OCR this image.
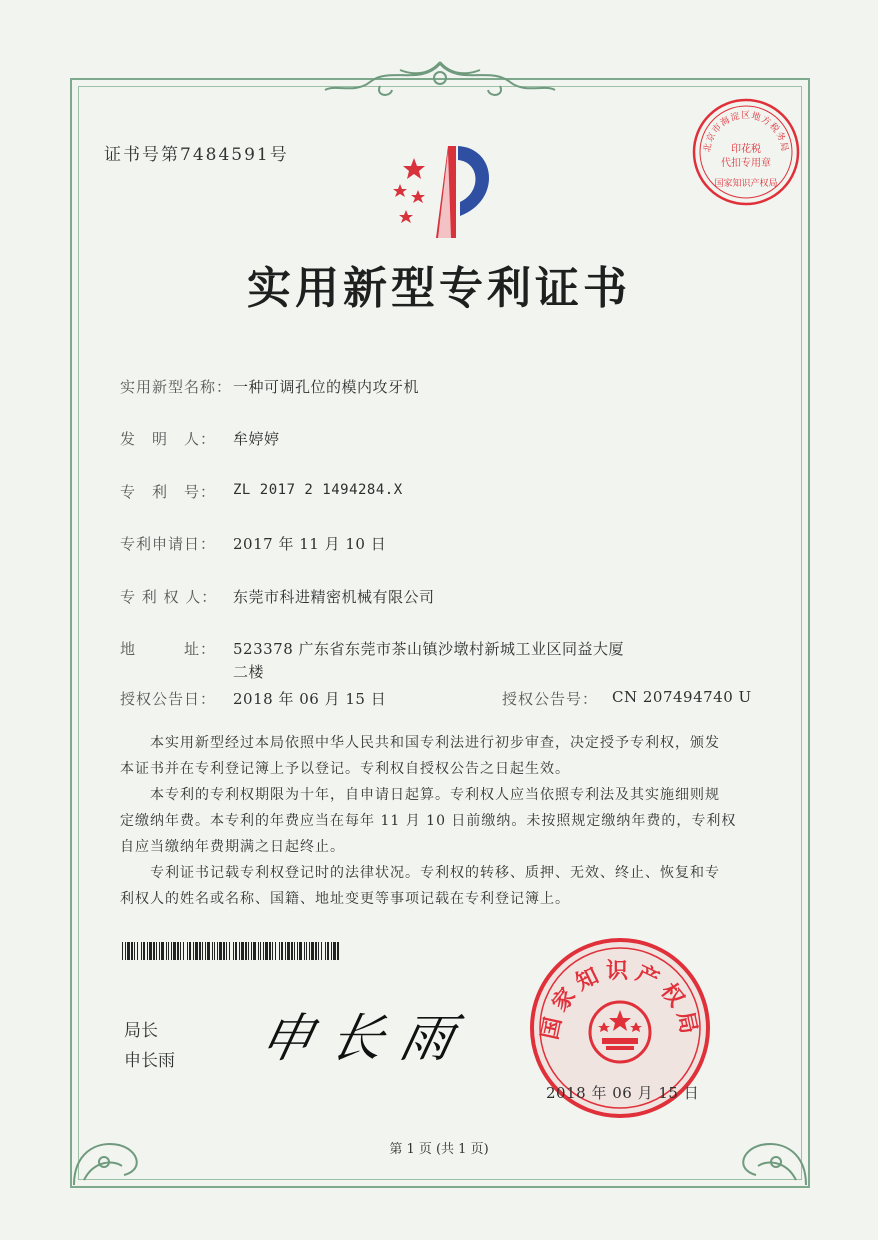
证书号第7484591号	北京市海淀区地方税务局
印花税
代扣专用章
国家知识产权局
实用新型专利证书
实用新型名称： 一种可调孔位的模内攻牙机
发　明　人： 牟婷婷
专　利　号： ZL 2017 2 1494284.X
专利申请日： 2017 年 11 月 10 日
专 利 权 人： 东莞市科进精密机械有限公司
地　　　址： 523378 广东省东莞市茶山镇沙墩村新城工业区同益大厦
二楼
授权公告日： 2018 年 06 月 15 日	授权公告号： CN 207494740 U
本实用新型经过本局依照中华人民共和国专利法进行初步审查，决定授予专利权，颁发
本证书并在专利登记簿上予以登记。专利权自授权公告之日起生效。
本专利的专利权期限为十年，自申请日起算。专利权人应当依照专利法及其实施细则规
定缴纳年费。本专利的年费应当在每年 11 月 10 日前缴纳。未按照规定缴纳年费的，专利权
自应当缴纳年费期满之日起终止。
专利证书记载专利权登记时的法律状况。专利权的转移、质押、无效、终止、恢复和专
利权人的姓名或名称、国籍、地址变更等事项记载在专利登记簿上。
局长
申长雨 申长雨	国家知识产权局
2018 年 06 月 15 日
第 1 页 (共 1 页)
